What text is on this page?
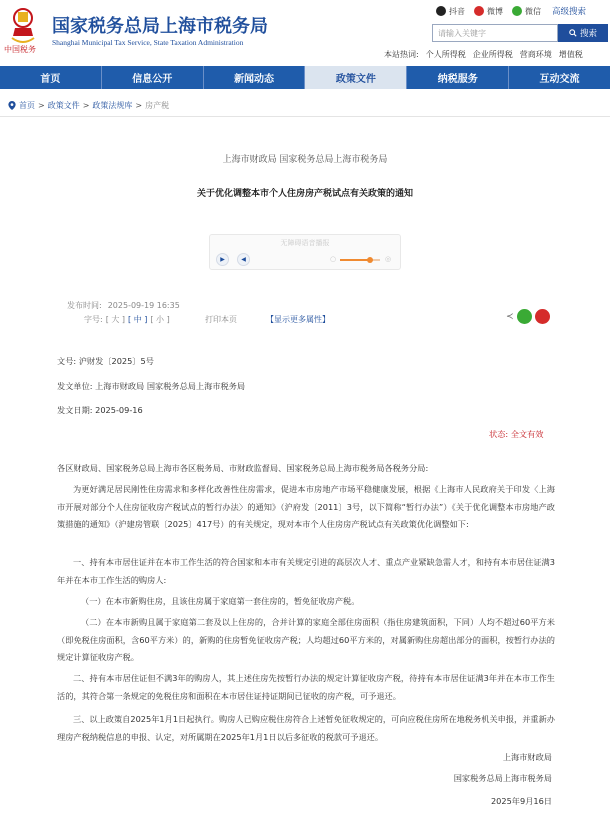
中国税务
国家税务总局上海市税务局
Shanghai Municipal Tax Service, State Taxation Administration
抖音	微博	微信 高级搜索
请输入关键字	搜索
本站热词: 个人所得税 企业所得税 营商环境 增值税
首页	信息公开	新闻动态	政策文件	纳税服务	互动交流
首页 > 政策文件 > 政策法规库 > 房产税
上海市财政局 国家税务总局上海市税务局
关于优化调整本市个人住房房产税试点有关政策的通知
无障碍语音播报
▶	◀	○	◎
发布时间: 2025-09-19 16:35
字号: [ 大 ] [ 中 ] [ 小 ]	打印本页	【显示更多属性】	≺
文号: 沪财发〔2025〕5号
发文单位: 上海市财政局 国家税务总局上海市税务局
发文日期: 2025-09-16
状态: 全文有效
各区财政局、国家税务总局上海市各区税务局、市财政监督局、国家税务总局上海市税务局各税务分局:
为更好满足居民刚性住房需求和多样化改善性住房需求，促进本市房地产市场平稳健康发展，根据《上海市人民政府关于印发〈上海市开展对部分个人住房征收房产税试点的暂行办法〉的通知》（沪府发〔2011〕3号，以下简称“暂行办法”）《关于优化调整本市房地产政策措施的通知》（沪建房管联〔2025〕417号）的有关规定，现对本市个人住房房产税试点有关政策优化调整如下:
一、持有本市居住证并在本市工作生活的符合国家和本市有关规定引进的高层次人才、重点产业紧缺急需人才，和持有本市居住证满3年并在本市工作生活的购房人:
（一）在本市新购住房，且该住房属于家庭第一套住房的，暂免征收房产税。
（二）在本市新购且属于家庭第二套及以上住房的，合并计算的家庭全部住房面积（指住房建筑面积，下同）人均不超过60平方米（即免税住房面积，含60平方米）的，新购的住房暂免征收房产税；人均超过60平方米的，对属新购住房超出部分的面积，按暂行办法的规定计算征收房产税。
二、持有本市居住证但不满3年的购房人，其上述住房先按暂行办法的规定计算征收房产税，待持有本市居住证满3年并在本市工作生活的，其符合第一条规定的免税住房和面积在本市居住证持证期间已征收的房产税，可予退还。
三、以上政策自2025年1月1日起执行。购房人已购应税住房符合上述暂免征收规定的，可向应税住房所在地税务机关申报，并重新办理房产税纳税信息的申报、认定，对所属期在2025年1月1日以后多征收的税款可予退还。
上海市财政局
国家税务总局上海市税务局
2025年9月16日
